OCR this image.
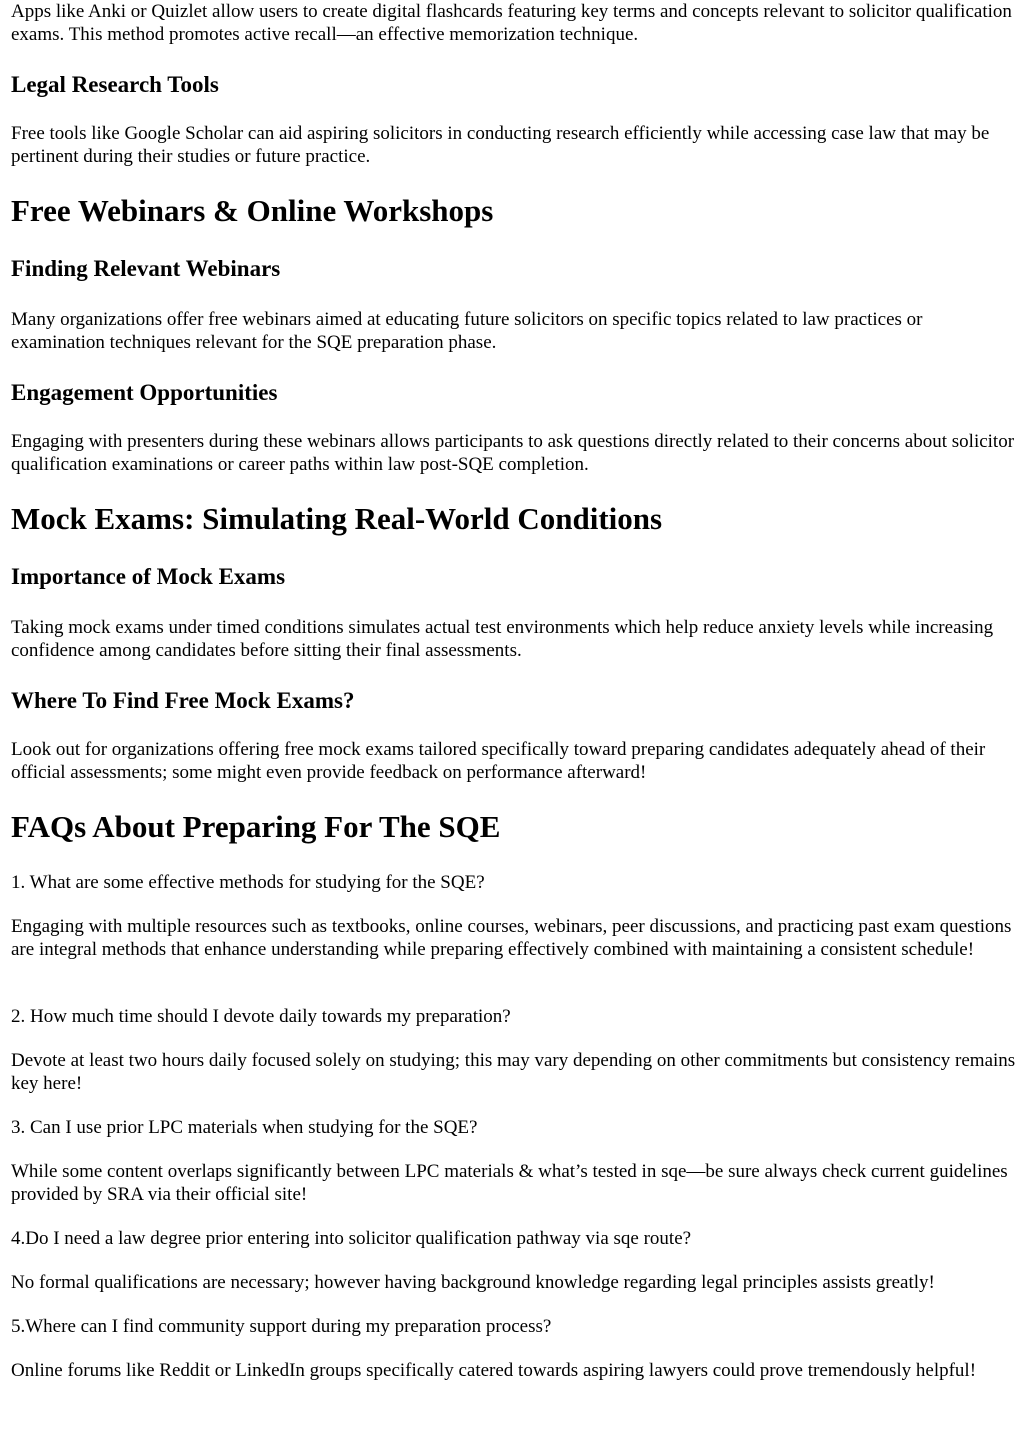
Apps like Anki or Quizlet allow users to create digital flashcards featuring key terms and concepts relevant to solicitor qualification exams. This method promotes active recall—an effective memorization technique.

Legal Research Tools

Free tools like Google Scholar can aid aspiring solicitors in conducting research efficiently while accessing case law that may be pertinent during their studies or future practice.

Free Webinars & Online Workshops
Finding Relevant Webinars

Many organizations offer free webinars aimed at educating future solicitors on specific topics related to law practices or examination techniques relevant for the SQE preparation phase.

Engagement Opportunities

Engaging with presenters during these webinars allows participants to ask questions directly related to their concerns about solicitor qualification examinations or career paths within law post-SQE completion.

Mock Exams: Simulating Real-World Conditions
Importance of Mock Exams

Taking mock exams under timed conditions simulates actual test environments which help reduce anxiety levels while increasing confidence among candidates before sitting their final assessments.

Where To Find Free Mock Exams?

Look out for organizations offering free mock exams tailored specifically toward preparing candidates adequately ahead of their official assessments; some might even provide feedback on performance afterward!

FAQs About Preparing For The SQE

1. What are some effective methods for studying for the SQE?

Engaging with multiple resources such as textbooks, online courses, webinars, peer discussions, and practicing past exam questions are integral methods that enhance understanding while preparing effectively combined with maintaining a consistent schedule!

2. How much time should I devote daily towards my preparation?

Devote at least two hours daily focused solely on studying; this may vary depending on other commitments but consistency remains key here!

3. Can I use prior LPC materials when studying for the SQE?

While some content overlaps significantly between LPC materials & what’s tested in sqe—be sure always check current guidelines provided by SRA via their official site!

4.Do I need a law degree prior entering into solicitor qualification pathway via sqe route?

No formal qualifications are necessary; however having background knowledge regarding legal principles assists greatly!

5.Where can I find community support during my preparation process?

Online forums like Reddit or LinkedIn groups specifically catered towards aspiring lawyers could prove tremendously helpful!
